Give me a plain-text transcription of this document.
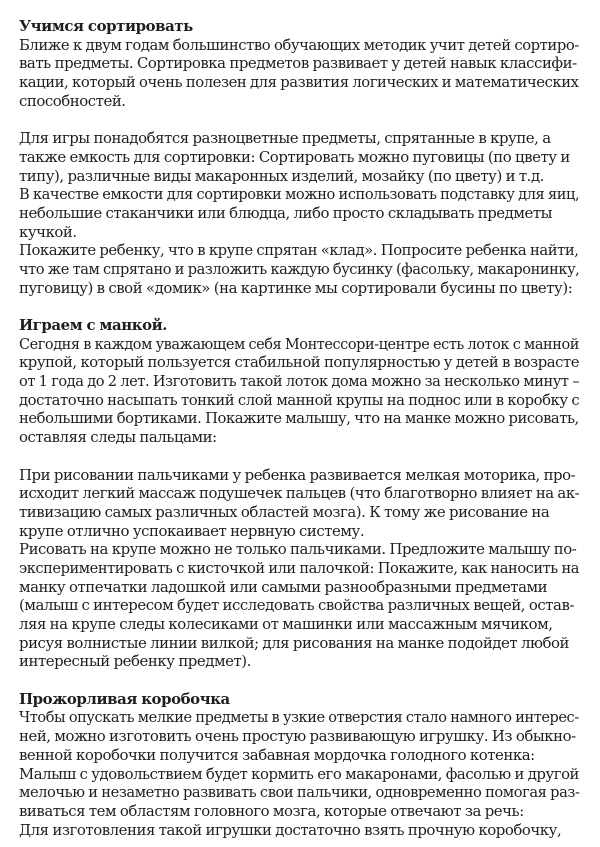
Учимся сортировать
Ближе к двум годам большинство обучающих методик учит детей сортиро-
вать предметы. Сортировка предметов развивает у детей навык классифи-
кации, который очень полезен для развития логических и математических
способностей.
Для игры понадобятся разноцветные предметы, спрятанные в крупе, а
также емкость для сортировки: Сортировать можно пуговицы (по цвету и
типу), различные виды макаронных изделий, мозайку (по цвету) и т.д.
В качестве емкости для сортировки можно использовать подставку для яиц,
небольшие стаканчики или блюдца, либо просто складывать предметы
кучкой.
Покажите ребенку, что в крупе спрятан «клад». Попросите ребенка найти,
что же там спрятано и разложить каждую бусинку (фасольку, макаронинку,
пуговицу) в свой «домик» (на картинке мы сортировали бусины по цвету):
Играем с манкой.
Сегодня в каждом уважающем себя Монтессори-центре есть лоток с манной
крупой, который пользуется стабильной популярностью у детей в возрасте
от 1 года до 2 лет. Изготовить такой лоток дома можно за несколько минут –
достаточно насыпать тонкий слой манной крупы на поднос или в коробку с
небольшими бортиками. Покажите малышу, что на манке можно рисовать,
оставляя следы пальцами:
При рисовании пальчиками у ребенка развивается мелкая моторика, про-
исходит легкий массаж подушечек пальцев (что благотворно влияет на ак-
тивизацию самых различных областей мозга). К тому же рисование на
крупе отлично успокаивает нервную систему.
Рисовать на крупе можно не только пальчиками. Предложите малышу по-
экспериментировать с кисточкой или палочкой: Покажите, как наносить на
манку отпечатки ладошкой или самыми разнообразными предметами
(малыш с интересом будет исследовать свойства различных вещей, остав-
ляя на крупе следы колесиками от машинки или массажным мячиком,
рисуя волнистые линии вилкой; для рисования на манке подойдет любой
интересный ребенку предмет).
Прожорливая коробочка
Чтобы опускать мелкие предметы в узкие отверстия стало намного интерес-
ней, можно изготовить очень простую развивающую игрушку. Из обыкно-
венной коробочки получится забавная мордочка голодного котенка:
Малыш с удовольствием будет кормить его макаронами, фасолью и другой
мелочью и незаметно развивать свои пальчики, одновременно помогая раз-
виваться тем областям головного мозга, которые отвечают за речь:
Для изготовления такой игрушки достаточно взять прочную коробочку,
